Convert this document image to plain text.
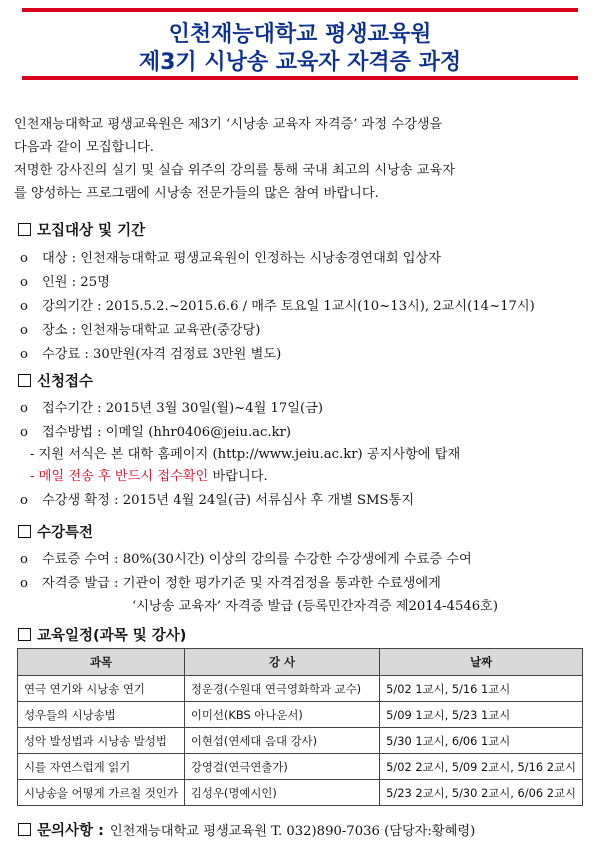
인천재능대학교 평생교육원
제3기 시낭송 교육자 자격증 과정
인천재능대학교 평생교육원은 제3기 ‘시낭송 교육자 자격증’ 과정 수강생을
다음과 같이 모집합니다.
저명한 강사진의 실기 및 실습 위주의 강의를 통해 국내 최고의 시낭송 교육자
를 양성하는 프로그램에 시낭송 전문가들의 많은 참여 바랍니다.
모집대상 및 기간
o 대상 : 인천재능대학교 평생교육원이 인정하는 시낭송경연대회 입상자
o 인원 : 25명
o 강의기간 : 2015.5.2.~2015.6.6 / 매주 토요일 1교시(10~13시), 2교시(14~17시)
o 장소 : 인천재능대학교 교육관(중강당)
o 수강료 : 30만원(자격 검정료 3만원 별도)
신청접수
o 접수기간 : 2015년 3월 30일(월)~4월 17일(금)
o 접수방법 : 이메일 (hhr0406@jeiu.ac.kr)
- 지원 서식은 본 대학 홈페이지 (http://www.jeiu.ac.kr) 공지사항에 탑재
- 메일 전송 후 반드시 접수확인 바랍니다.
o 수강생 확정 : 2015년 4월 24일(금) 서류심사 후 개별 SMS통지
수강특전
o 수료증 수여 : 80%(30시간) 이상의 강의를 수강한 수강생에게 수료증 수여
o 자격증 발급 : 기관이 정한 평가기준 및 자격검정을 통과한 수료생에게
‘시낭송 교육자’ 자격증 발급 (등록민간자격증 제2014-4546호)
교육일정(과목 및 강사)
과목	강 사	날짜
연극 연기와 시낭송 연기	정운경(수원대 연극영화학과 교수)	5/02 1교시, 5/16 1교시
성우들의 시낭송법	이미선(KBS 아나운서)	5/09 1교시, 5/23 1교시
성악 발성법과 시낭송 발성법	이현섭(연세대 음대 강사)	5/30 1교시, 6/06 1교시
시를 자연스럽게 읽기	강영걸(연극연출가)	5/02 2교시, 5/09 2교시, 5/16 2교시
시낭송을 어떻게 가르칠 것인가	김성우(명예시인)	5/23 2교시, 5/30 2교시, 6/06 2교시
문의사항 : 인천재능대학교 평생교육원 T. 032)890-7036 (담당자:황혜령)
